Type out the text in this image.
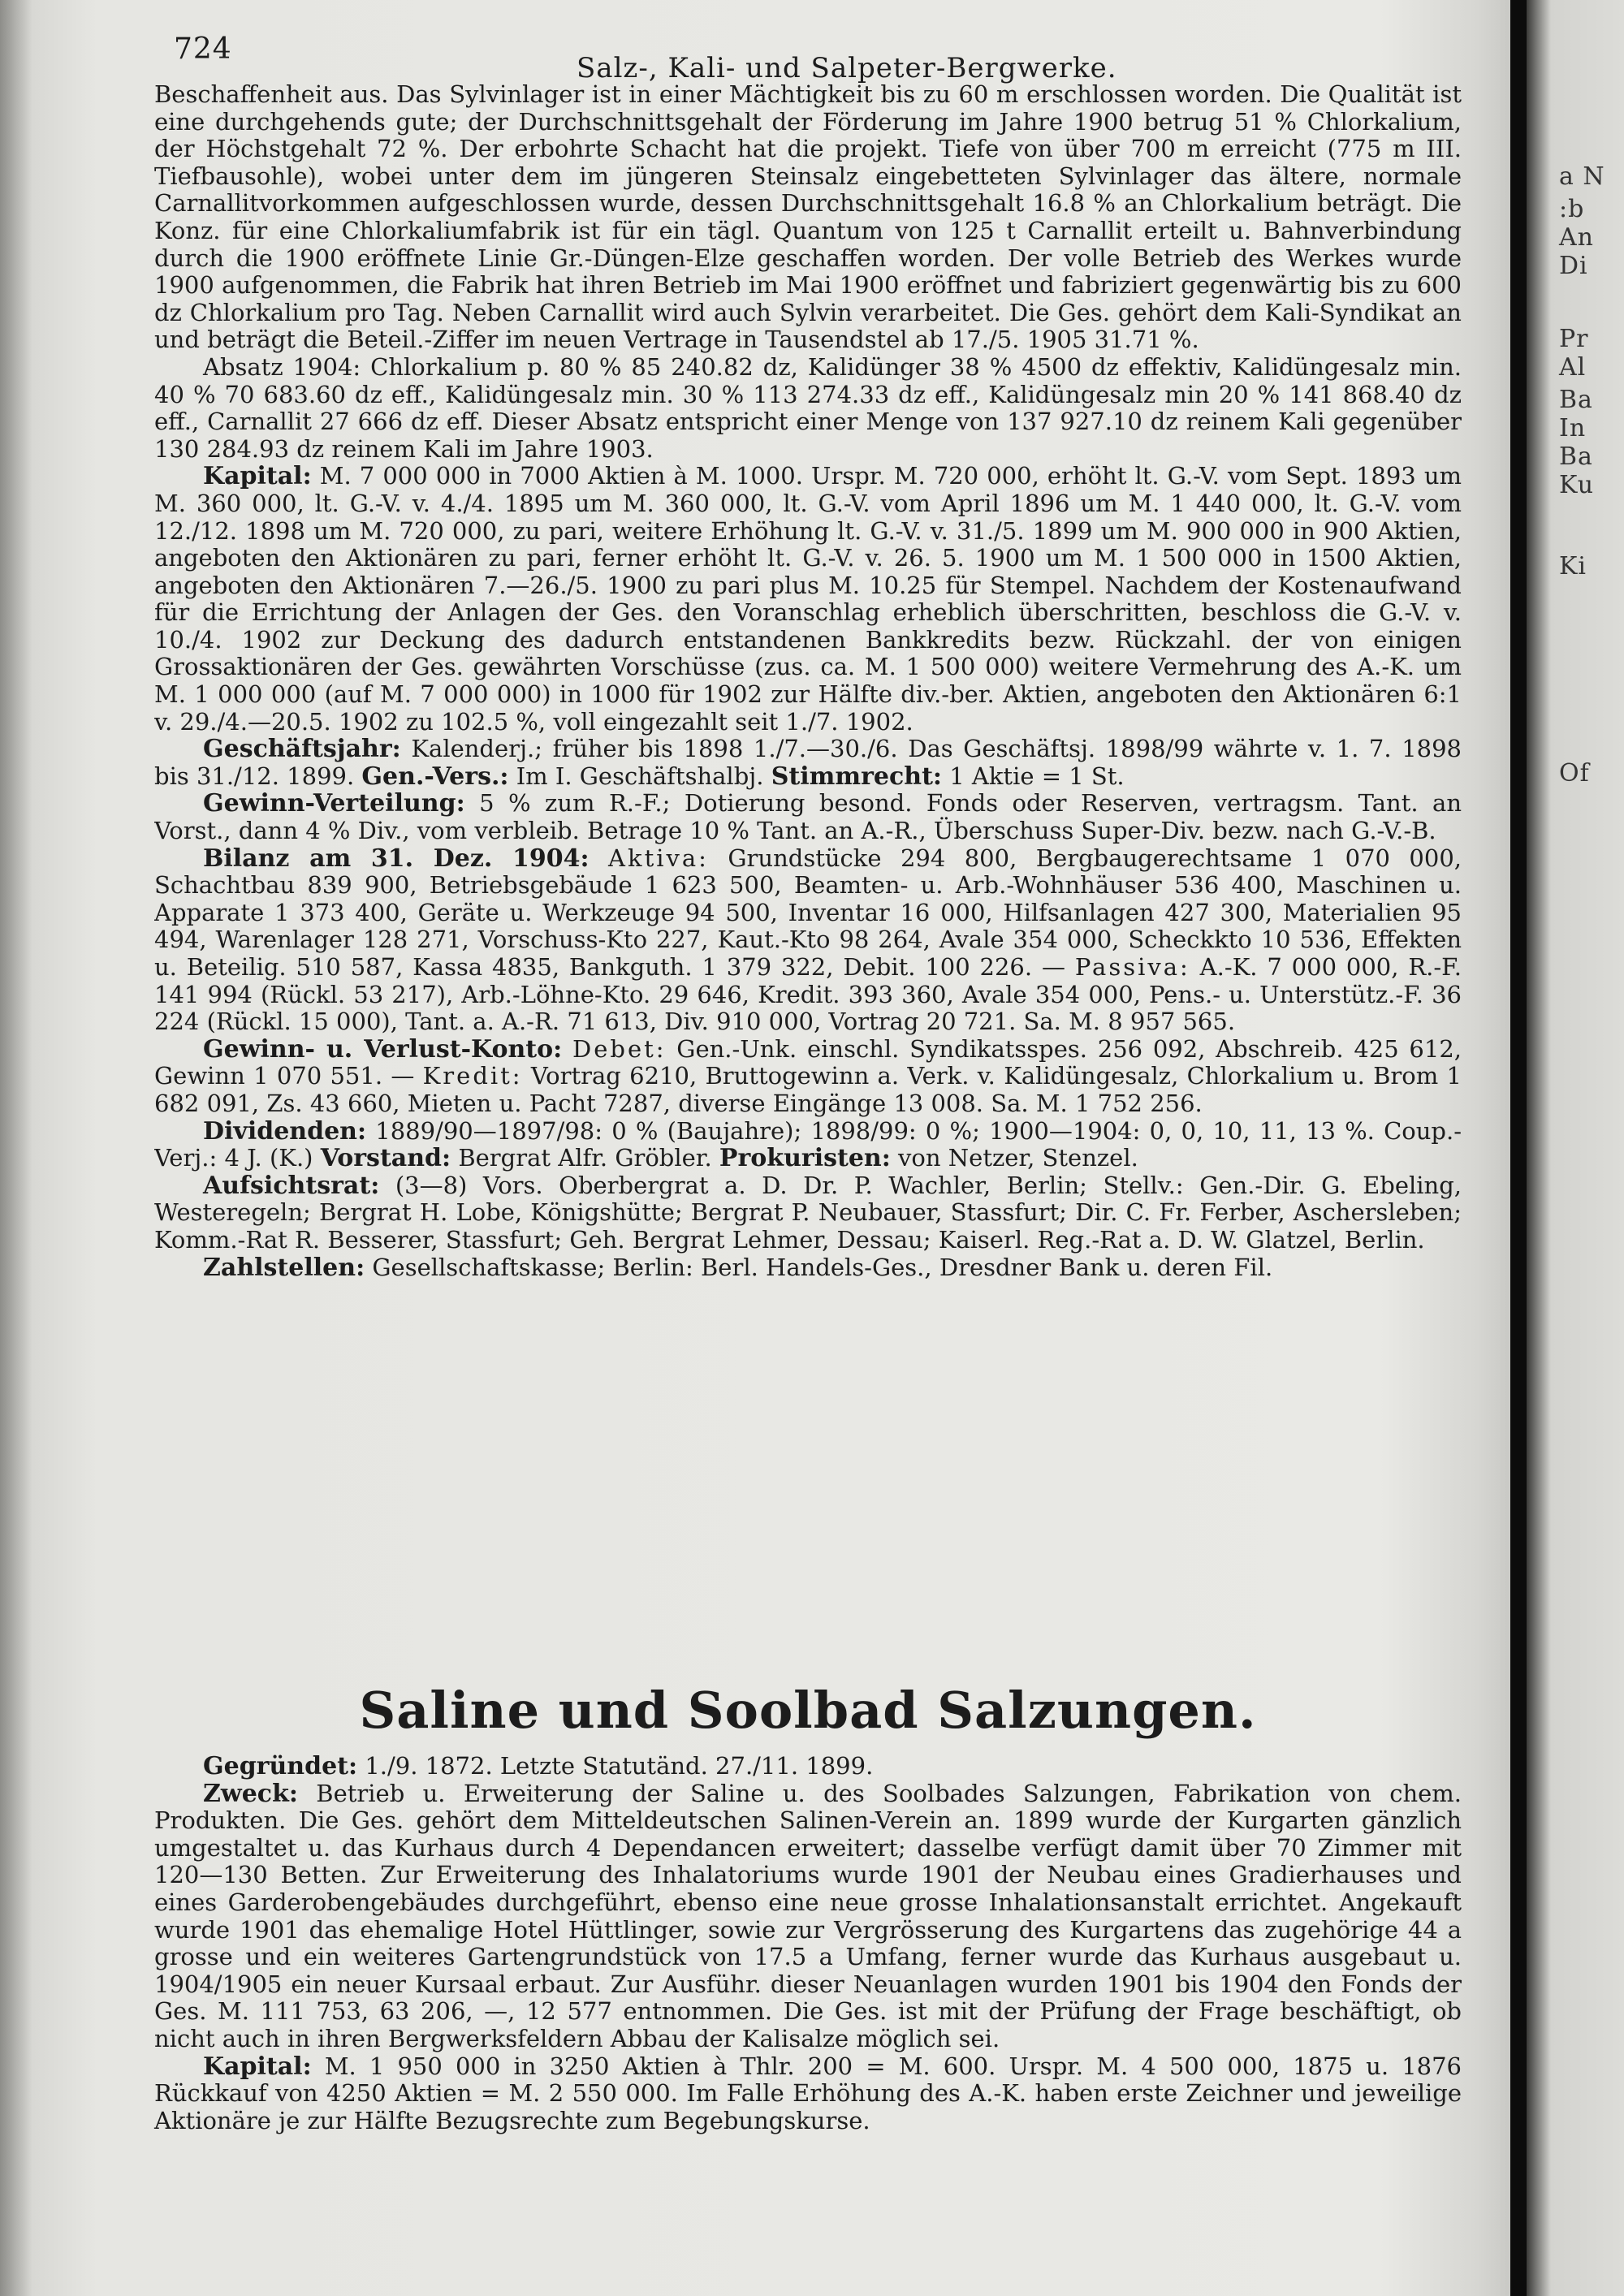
a N
:b
An
Di
Pr
Al
Ba
In
Ba
Ku
Ki
Of
724
Salz-, Kali- und Salpeter-Bergwerke.

Beschaffenheit aus. Das Sylvinlager ist in einer Mächtigkeit bis zu 60 m erschlossen worden. Die Qualität ist eine durchgehends gute; der Durchschnittsgehalt der Förderung im Jahre 1900 betrug 51 % Chlorkalium, der Höchstgehalt 72 %. Der erbohrte Schacht hat die projekt. Tiefe von über 700 m erreicht (775 m III. Tiefbausohle), wobei unter dem im jüngeren Steinsalz eingebetteten Sylvinlager das ältere, normale Carnallitvorkommen aufgeschlossen wurde, dessen Durchschnittsgehalt 16.8 % an Chlorkalium beträgt. Die Konz. für eine Chlorkaliumfabrik ist für ein tägl. Quantum von 125 t Carnallit erteilt u. Bahnverbindung durch die 1900 eröffnete Linie Gr.-Düngen-Elze geschaffen worden. Der volle Betrieb des Werkes wurde 1900 aufgenommen, die Fabrik hat ihren Betrieb im Mai 1900 eröffnet und fabriziert gegenwärtig bis zu 600 dz Chlorkalium pro Tag. Neben Carnallit wird auch Sylvin verarbeitet. Die Ges. gehört dem Kali-Syndikat an und beträgt die Beteil.-Ziffer im neuen Vertrage in Tausendstel ab 17./5. 1905 31.71 %.

Absatz 1904: Chlorkalium p. 80 % 85 240.82 dz, Kalidünger 38 % 4500 dz effektiv, Kalidüngesalz min. 40 % 70 683.60 dz eff., Kalidüngesalz min. 30 % 113 274.33 dz eff., Kalidüngesalz min 20 % 141 868.40 dz eff., Carnallit 27 666 dz eff. Dieser Absatz entspricht einer Menge von 137 927.10 dz reinem Kali gegenüber 130 284.93 dz reinem Kali im Jahre 1903.

Kapital: M. 7 000 000 in 7000 Aktien à M. 1000. Urspr. M. 720 000, erhöht lt. G.-V. vom Sept. 1893 um M. 360 000, lt. G.-V. v. 4./4. 1895 um M. 360 000, lt. G.-V. vom April 1896 um M. 1 440 000, lt. G.-V. vom 12./12. 1898 um M. 720 000, zu pari, weitere Erhöhung lt. G.-V. v. 31./5. 1899 um M. 900 000 in 900 Aktien, angeboten den Aktionären zu pari, ferner erhöht lt. G.-V. v. 26. 5. 1900 um M. 1 500 000 in 1500 Aktien, angeboten den Aktionären 7.—26./5. 1900 zu pari plus M. 10.25 für Stempel. Nachdem der Kostenaufwand für die Errichtung der Anlagen der Ges. den Voranschlag erheblich überschritten, beschloss die G.-V. v. 10./4. 1902 zur Deckung des dadurch entstandenen Bankkredits bezw. Rückzahl. der von einigen Grossaktionären der Ges. gewährten Vorschüsse (zus. ca. M. 1 500 000) weitere Vermehrung des A.-K. um M. 1 000 000 (auf M. 7 000 000) in 1000 für 1902 zur Hälfte div.-ber. Aktien, angeboten den Aktionären 6:1 v. 29./4.—20.5. 1902 zu 102.5 %, voll eingezahlt seit 1./7. 1902.

Geschäftsjahr: Kalenderj.; früher bis 1898 1./7.—30./6. Das Geschäftsj. 1898/99 währte v. 1. 7. 1898 bis 31./12. 1899. Gen.-Vers.: Im I. Geschäftshalbj. Stimmrecht: 1 Aktie = 1 St.

Gewinn-Verteilung: 5 % zum R.-F.; Dotierung besond. Fonds oder Reserven, vertragsm. Tant. an Vorst., dann 4 % Div., vom verbleib. Betrage 10 % Tant. an A.-R., Überschuss Super-Div. bezw. nach G.-V.-B.

Bilanz am 31. Dez. 1904: Aktiva: Grundstücke 294 800, Bergbaugerechtsame 1 070 000, Schachtbau 839 900, Betriebsgebäude 1 623 500, Beamten- u. Arb.-Wohnhäuser 536 400, Maschinen u. Apparate 1 373 400, Geräte u. Werkzeuge 94 500, Inventar 16 000, Hilfsanlagen 427 300, Materialien 95 494, Warenlager 128 271, Vorschuss-Kto 227, Kaut.-Kto 98 264, Avale 354 000, Scheckkto 10 536, Effekten u. Beteilig. 510 587, Kassa 4835, Bankguth. 1 379 322, Debit. 100 226. — Passiva: A.-K. 7 000 000, R.-F. 141 994 (Rückl. 53 217), Arb.-Löhne-Kto. 29 646, Kredit. 393 360, Avale 354 000, Pens.- u. Unterstütz.-F. 36 224 (Rückl. 15 000), Tant. a. A.-R. 71 613, Div. 910 000, Vortrag 20 721. Sa. M. 8 957 565.

Gewinn- u. Verlust-Konto: Debet: Gen.-Unk. einschl. Syndikatsspes. 256 092, Abschreib. 425 612, Gewinn 1 070 551. — Kredit: Vortrag 6210, Bruttogewinn a. Verk. v. Kalidüngesalz, Chlorkalium u. Brom 1 682 091, Zs. 43 660, Mieten u. Pacht 7287, diverse Eingänge 13 008. Sa. M. 1 752 256.

Dividenden: 1889/90—1897/98: 0 % (Baujahre); 1898/99: 0 %; 1900—1904: 0, 0, 10, 11, 13 %. Coup.-Verj.: 4 J. (K.) Vorstand: Bergrat Alfr. Gröbler. Prokuristen: von Netzer, Stenzel.

Aufsichtsrat: (3—8) Vors. Oberbergrat a. D. Dr. P. Wachler, Berlin; Stellv.: Gen.-Dir. G. Ebeling, Westeregeln; Bergrat H. Lobe, Königshütte; Bergrat P. Neubauer, Stassfurt; Dir. C. Fr. Ferber, Aschersleben; Komm.-Rat R. Besserer, Stassfurt; Geh. Bergrat Lehmer, Dessau; Kaiserl. Reg.-Rat a. D. W. Glatzel, Berlin.

Zahlstellen: Gesellschaftskasse; Berlin: Berl. Handels-Ges., Dresdner Bank u. deren Fil.

Saline und Soolbad Salzungen.

Gegründet: 1./9. 1872. Letzte Statutänd. 27./11. 1899.

Zweck: Betrieb u. Erweiterung der Saline u. des Soolbades Salzungen, Fabrikation von chem. Produkten. Die Ges. gehört dem Mitteldeutschen Salinen-Verein an. 1899 wurde der Kurgarten gänzlich umgestaltet u. das Kurhaus durch 4 Dependancen erweitert; dasselbe verfügt damit über 70 Zimmer mit 120—130 Betten. Zur Erweiterung des Inhalatoriums wurde 1901 der Neubau eines Gradierhauses und eines Garderobengebäudes durchgeführt, ebenso eine neue grosse Inhalationsanstalt errichtet. Angekauft wurde 1901 das ehemalige Hotel Hüttlinger, sowie zur Vergrösserung des Kurgartens das zugehörige 44 a grosse und ein weiteres Gartengrundstück von 17.5 a Umfang, ferner wurde das Kurhaus ausgebaut u. 1904/1905 ein neuer Kursaal erbaut. Zur Ausführ. dieser Neuanlagen wurden 1901 bis 1904 den Fonds der Ges. M. 111 753, 63 206, —, 12 577 entnommen. Die Ges. ist mit der Prüfung der Frage beschäftigt, ob nicht auch in ihren Bergwerksfeldern Abbau der Kalisalze möglich sei.

Kapital: M. 1 950 000 in 3250 Aktien à Thlr. 200 = M. 600. Urspr. M. 4 500 000, 1875 u. 1876 Rückkauf von 4250 Aktien = M. 2 550 000. Im Falle Erhöhung des A.-K. haben erste Zeichner und jeweilige Aktionäre je zur Hälfte Bezugsrechte zum Begebungskurse.
